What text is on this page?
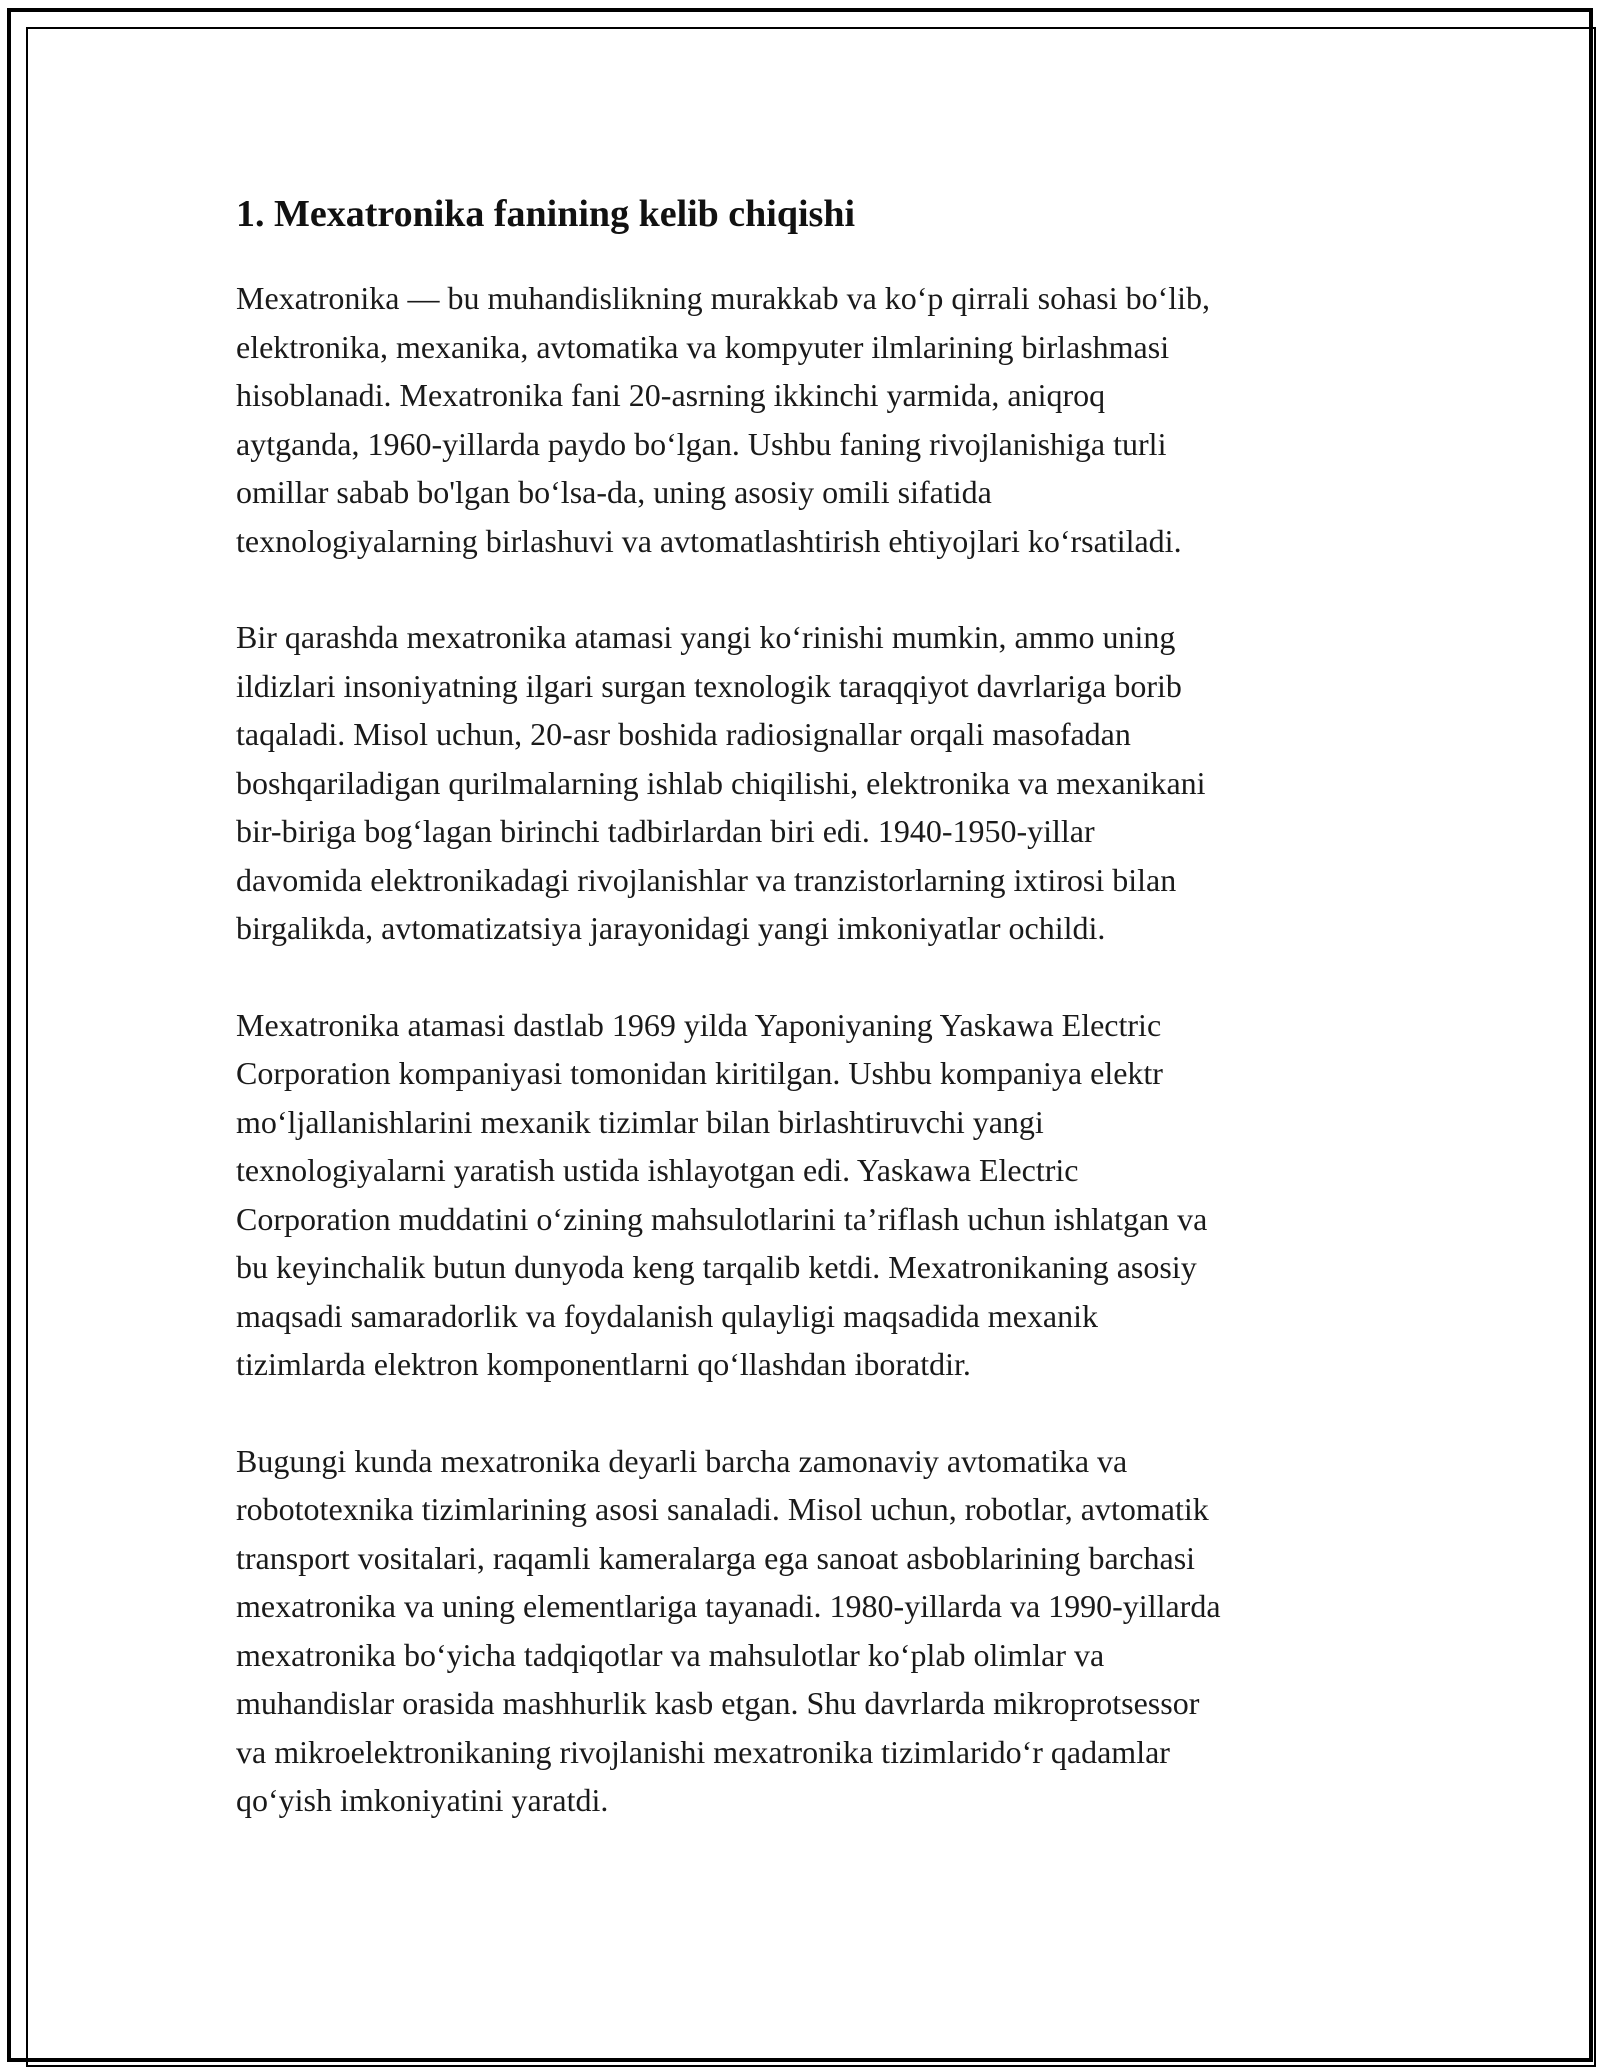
1. Mexatronika fanining kelib chiqishi

Mexatronika — bu muhandislikning murakkab va ko‘p qirrali sohasi bo‘lib,
elektronika, mexanika, avtomatika va kompyuter ilmlarining birlashmasi
hisoblanadi. Mexatronika fani 20-asrning ikkinchi yarmida, aniqroq
aytganda, 1960-yillarda paydo bo‘lgan. Ushbu faning rivojlanishiga turli
omillar sabab bo'lgan bo‘lsa-da, uning asosiy omili sifatida
texnologiyalarning birlashuvi va avtomatlashtirish ehtiyojlari ko‘rsatiladi.

Bir qarashda mexatronika atamasi yangi ko‘rinishi mumkin, ammo uning
ildizlari insoniyatning ilgari surgan texnologik taraqqiyot davrlariga borib
taqaladi. Misol uchun, 20-asr boshida radiosignallar orqali masofadan
boshqariladigan qurilmalarning ishlab chiqilishi, elektronika va mexanikani
bir-biriga bog‘lagan birinchi tadbirlardan biri edi. 1940-1950-yillar
davomida elektronikadagi rivojlanishlar va tranzistorlarning ixtirosi bilan
birgalikda, avtomatizatsiya jarayonidagi yangi imkoniyatlar ochildi.

Mexatronika atamasi dastlab 1969 yilda Yaponiyaning Yaskawa Electric
Corporation kompaniyasi tomonidan kiritilgan. Ushbu kompaniya elektr
mo‘ljallanishlarini mexanik tizimlar bilan birlashtiruvchi yangi
texnologiyalarni yaratish ustida ishlayotgan edi. Yaskawa Electric
Corporation muddatini o‘zining mahsulotlarini ta’riflash uchun ishlatgan va
bu keyinchalik butun dunyoda keng tarqalib ketdi. Mexatronikaning asosiy
maqsadi samaradorlik va foydalanish qulayligi maqsadida mexanik
tizimlarda elektron komponentlarni qo‘llashdan iboratdir.

Bugungi kunda mexatronika deyarli barcha zamonaviy avtomatika va
robototexnika tizimlarining asosi sanaladi. Misol uchun, robotlar, avtomatik
transport vositalari, raqamli kameralarga ega sanoat asboblarining barchasi
mexatronika va uning elementlariga tayanadi. 1980-yillarda va 1990-yillarda
mexatronika bo‘yicha tadqiqotlar va mahsulotlar ko‘plab olimlar va
muhandislar orasida mashhurlik kasb etgan. Shu davrlarda mikroprotsessor
va mikroelektronikaning rivojlanishi mexatronika tizimlarido‘r qadamlar
qo‘yish imkoniyatini yaratdi.
